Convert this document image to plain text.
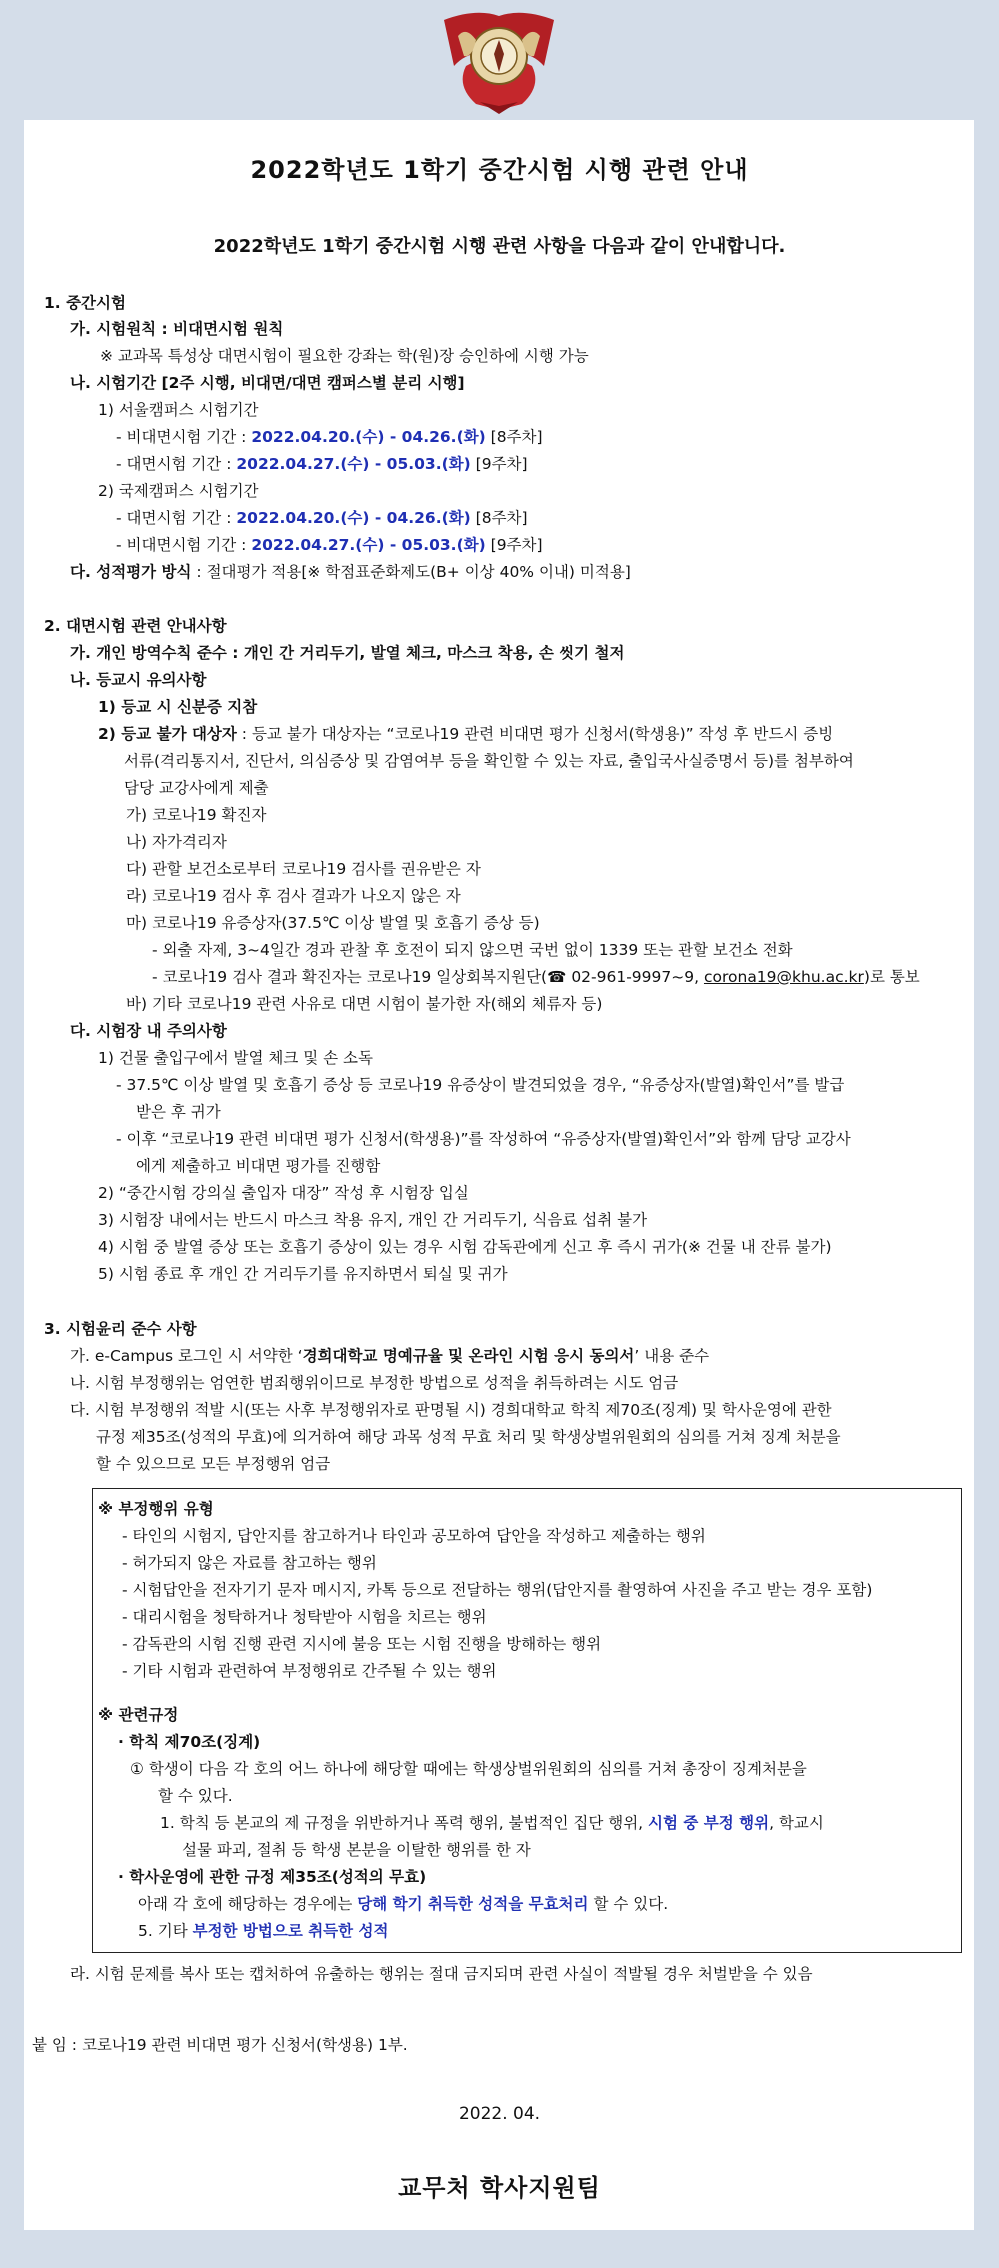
2022학년도 1학기 중간시험 시행 관련 안내
2022학년도 1학기 중간시험 시행 관련 사항을 다음과 같이 안내합니다.
1. 중간시험
가. 시험원칙 : 비대면시험 원칙
※ 교과목 특성상 대면시험이 필요한 강좌는 학(원)장 승인하에 시행 가능
나. 시험기간 [2주 시행, 비대면/대면 캠퍼스별 분리 시행]
1) 서울캠퍼스 시험기간
- 비대면시험 기간 : 2022.04.20.(수) - 04.26.(화) [8주차]
- 대면시험 기간 : 2022.04.27.(수) - 05.03.(화) [9주차]
2) 국제캠퍼스 시험기간
- 대면시험 기간 : 2022.04.20.(수) - 04.26.(화) [8주차]
- 비대면시험 기간 : 2022.04.27.(수) - 05.03.(화) [9주차]
다. 성적평가 방식 : 절대평가 적용[※ 학점표준화제도(B+ 이상 40% 이내) 미적용]
2. 대면시험 관련 안내사항
가. 개인 방역수칙 준수 : 개인 간 거리두기, 발열 체크, 마스크 착용, 손 씻기 철저
나. 등교시 유의사항
1) 등교 시 신분증 지참
2) 등교 불가 대상자 : 등교 불가 대상자는 “코로나19 관련 비대면 평가 신청서(학생용)” 작성 후 반드시 증빙
서류(격리통지서, 진단서, 의심증상 및 감염여부 등을 확인할 수 있는 자료, 출입국사실증명서 등)를 첨부하여
담당 교강사에게 제출
가) 코로나19 확진자
나) 자가격리자
다) 관할 보건소로부터 코로나19 검사를 권유받은 자
라) 코로나19 검사 후 검사 결과가 나오지 않은 자
마) 코로나19 유증상자(37.5℃ 이상 발열 및 호흡기 증상 등)
- 외출 자제, 3~4일간 경과 관찰 후 호전이 되지 않으면 국번 없이 1339 또는 관할 보건소 전화
- 코로나19 검사 결과 확진자는 코로나19 일상회복지원단(☎ 02-961-9997~9, corona19@khu.ac.kr)로 통보
바) 기타 코로나19 관련 사유로 대면 시험이 불가한 자(해외 체류자 등)
다. 시험장 내 주의사항
1) 건물 출입구에서 발열 체크 및 손 소독
- 37.5℃ 이상 발열 및 호흡기 증상 등 코로나19 유증상이 발견되었을 경우, “유증상자(발열)확인서”를 발급
받은 후 귀가
- 이후 “코로나19 관련 비대면 평가 신청서(학생용)”를 작성하여 “유증상자(발열)확인서”와 함께 담당 교강사
에게 제출하고 비대면 평가를 진행함
2) “중간시험 강의실 출입자 대장” 작성 후 시험장 입실
3) 시험장 내에서는 반드시 마스크 착용 유지, 개인 간 거리두기, 식음료 섭취 불가
4) 시험 중 발열 증상 또는 호흡기 증상이 있는 경우 시험 감독관에게 신고 후 즉시 귀가(※ 건물 내 잔류 불가)
5) 시험 종료 후 개인 간 거리두기를 유지하면서 퇴실 및 귀가
3. 시험윤리 준수 사항
가. e-Campus 로그인 시 서약한 ‘경희대학교 명예규율 및 온라인 시험 응시 동의서’ 내용 준수
나. 시험 부정행위는 엄연한 범죄행위이므로 부정한 방법으로 성적을 취득하려는 시도 엄금
다. 시험 부정행위 적발 시(또는 사후 부정행위자로 판명될 시) 경희대학교 학칙 제70조(징계) 및 학사운영에 관한
규정 제35조(성적의 무효)에 의거하여 해당 과목 성적 무효 처리 및 학생상벌위원회의 심의를 거쳐 징계 처분을
할 수 있으므로 모든 부정행위 엄금
※ 부정행위 유형
- 타인의 시험지, 답안지를 참고하거나 타인과 공모하여 답안을 작성하고 제출하는 행위
- 허가되지 않은 자료를 참고하는 행위
- 시험답안을 전자기기 문자 메시지, 카톡 등으로 전달하는 행위(답안지를 촬영하여 사진을 주고 받는 경우 포함)
- 대리시험을 청탁하거나 청탁받아 시험을 치르는 행위
- 감독관의 시험 진행 관련 지시에 불응 또는 시험 진행을 방해하는 행위
- 기타 시험과 관련하여 부정행위로 간주될 수 있는 행위
※ 관련규정
· 학칙 제70조(징계)
① 학생이 다음 각 호의 어느 하나에 해당할 때에는 학생상벌위원회의 심의를 거쳐 총장이 징계처분을
할 수 있다.
1. 학칙 등 본교의 제 규정을 위반하거나 폭력 행위, 불법적인 집단 행위, 시험 중 부정 행위, 학교시
설물 파괴, 절취 등 학생 본분을 이탈한 행위를 한 자
· 학사운영에 관한 규정 제35조(성적의 무효)
아래 각 호에 해당하는 경우에는 당해 학기 취득한 성적을 무효처리 할 수 있다.
5. 기타 부정한 방법으로 취득한 성적
라. 시험 문제를 복사 또는 캡처하여 유출하는 행위는 절대 금지되며 관련 사실이 적발될 경우 처벌받을 수 있음
붙 임 : 코로나19 관련 비대면 평가 신청서(학생용) 1부.
2022. 04.
교무처 학사지원팀
